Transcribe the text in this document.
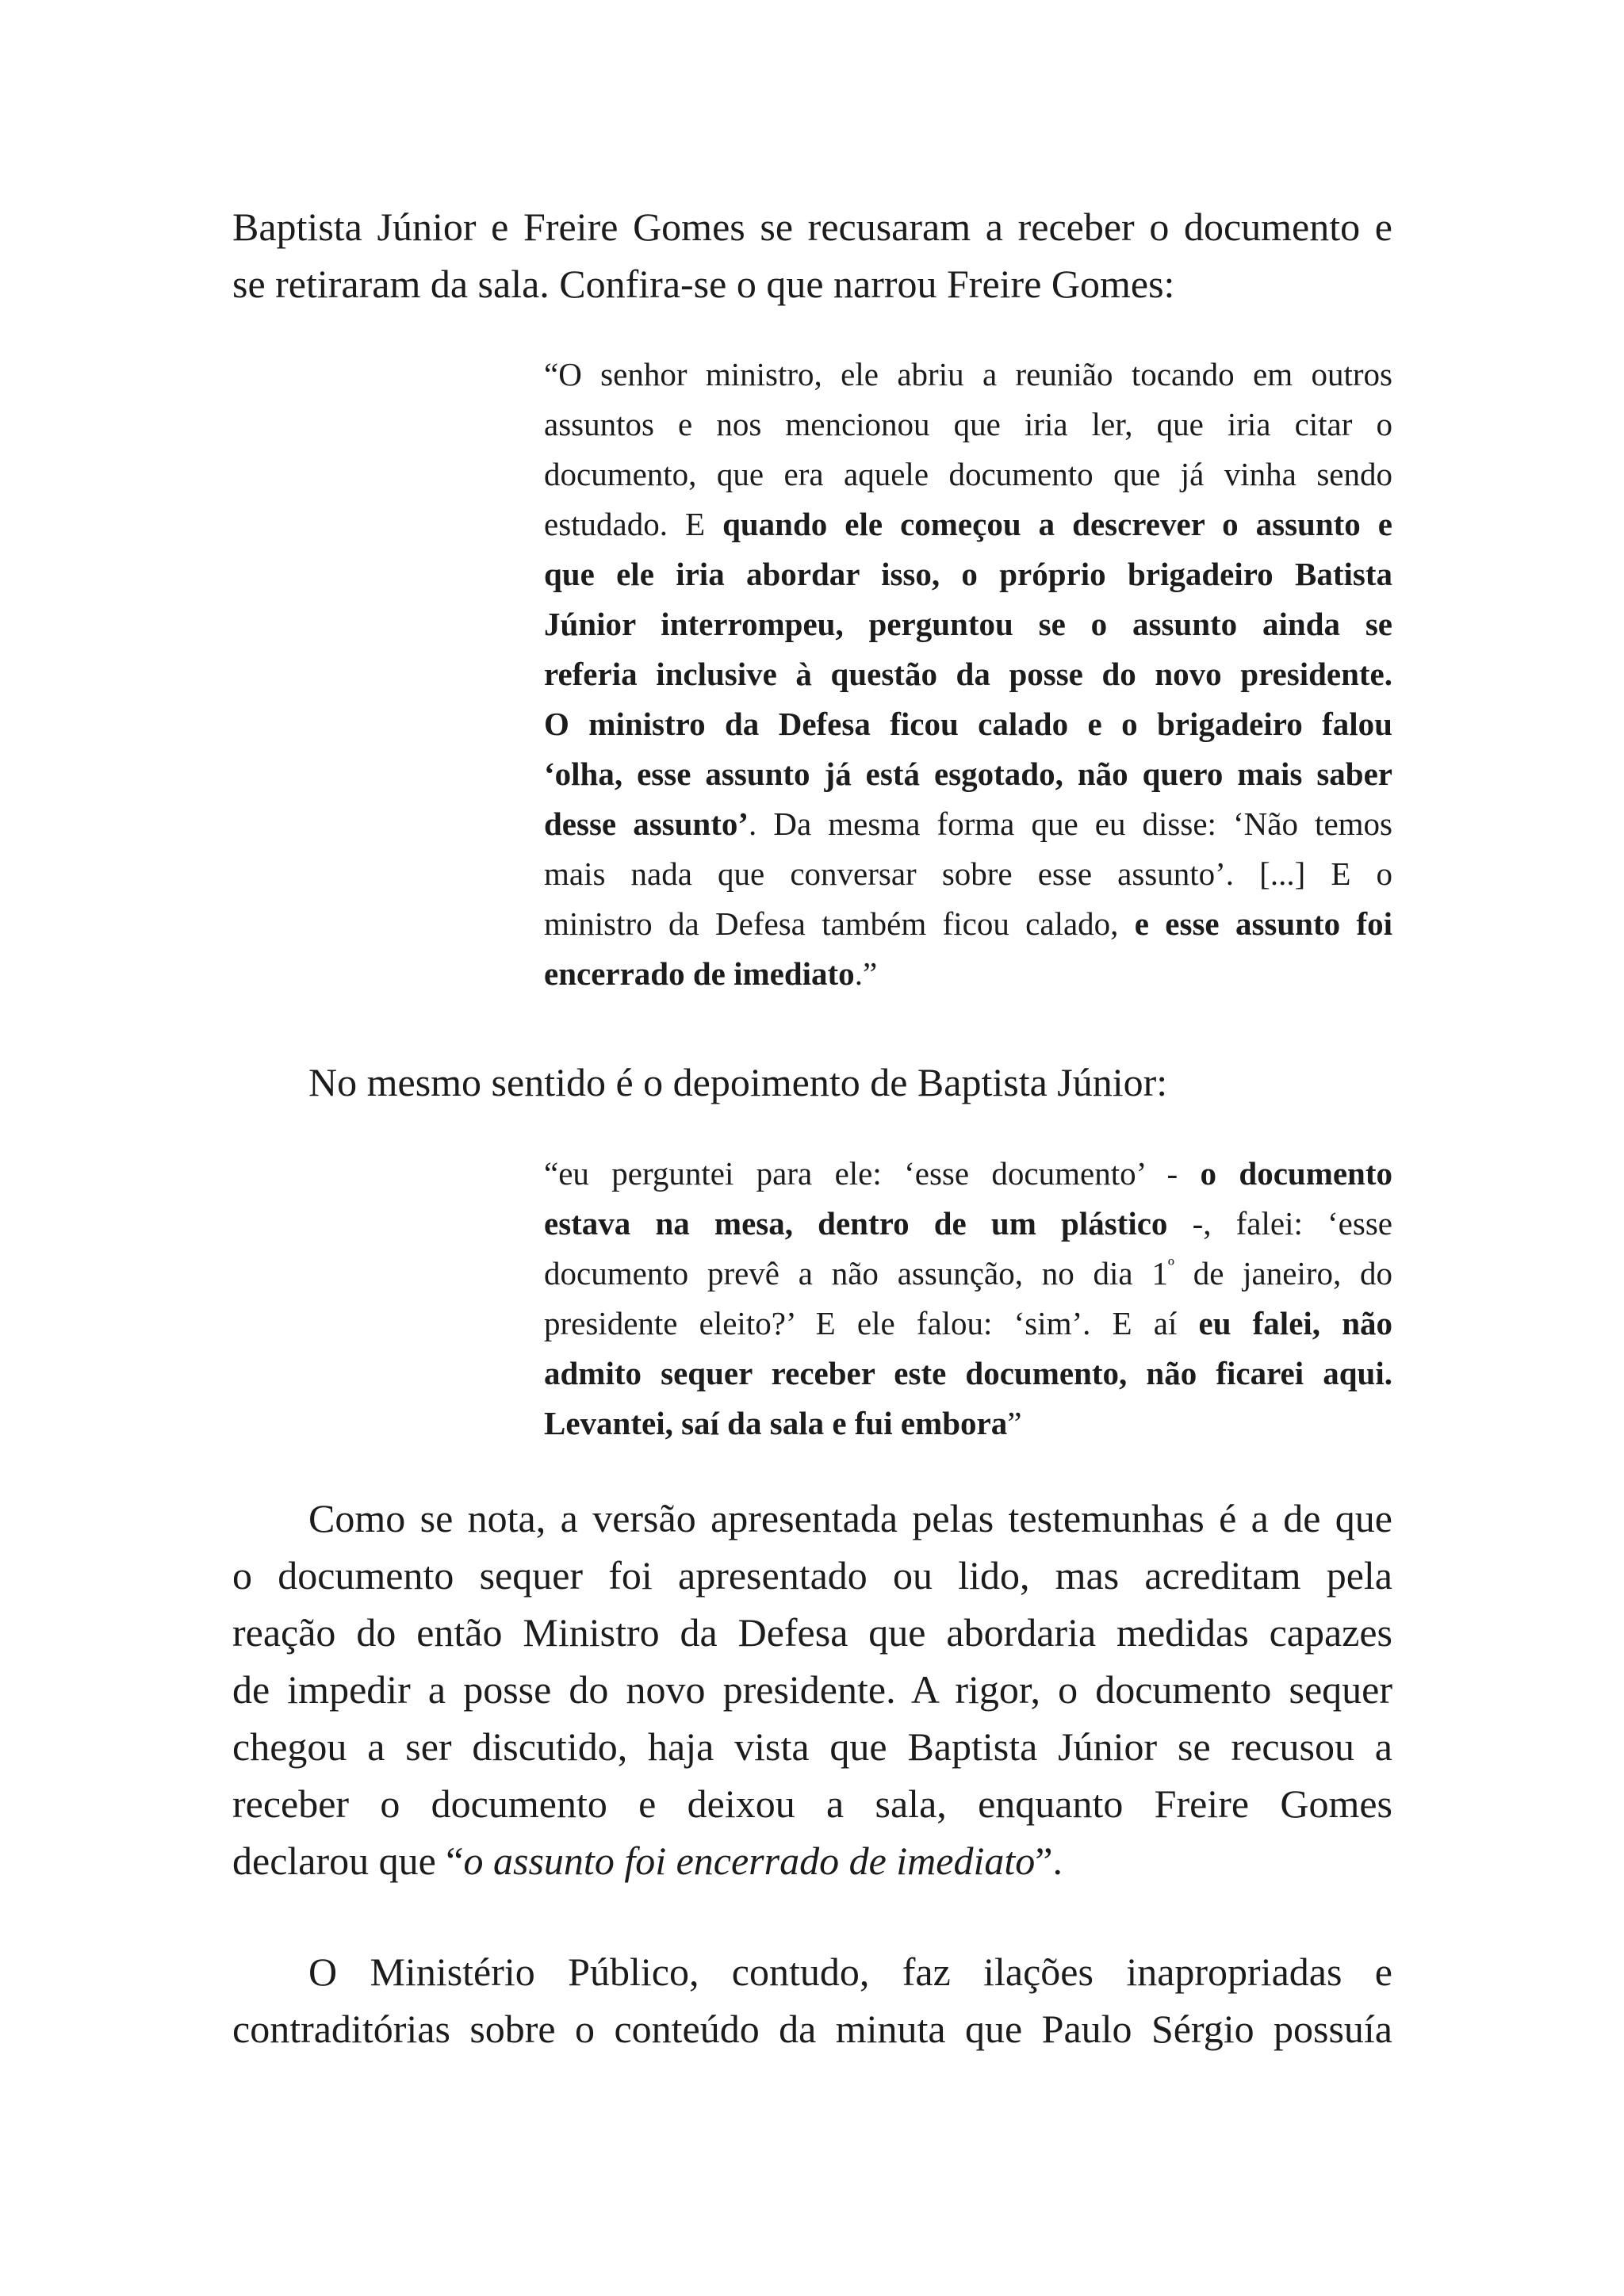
Baptista Júnior e Freire Gomes se recusaram a receber o documento e
se retiraram da sala. Confira-se o que narrou Freire Gomes:
“O senhor ministro, ele abriu a reunião tocando em outros
assuntos e nos mencionou que iria ler, que iria citar o
documento, que era aquele documento que já vinha sendo
estudado. E quando ele começou a descrever o assunto e
que ele iria abordar isso, o próprio brigadeiro Batista
Júnior interrompeu, perguntou se o assunto ainda se
referia inclusive à questão da posse do novo presidente.
O ministro da Defesa ficou calado e o brigadeiro falou
‘olha, esse assunto já está esgotado, não quero mais saber
desse assunto’. Da mesma forma que eu disse: ‘Não temos
mais nada que conversar sobre esse assunto’. [...] E o
ministro da Defesa também ficou calado, e esse assunto foi
encerrado de imediato.”
No mesmo sentido é o depoimento de Baptista Júnior:
“eu perguntei para ele: ‘esse documento’ - o documento
estava na mesa, dentro de um plástico -, falei: ‘esse
documento prevê a não assunção, no dia $1^º$ de janeiro, do
presidente eleito?’ E ele falou: ‘sim’. E aí eu falei, não
admito sequer receber este documento, não ficarei aqui.
Levantei, saí da sala e fui embora”
Como se nota, a versão apresentada pelas testemunhas é a de que
o documento sequer foi apresentado ou lido, mas acreditam pela
reação do então Ministro da Defesa que abordaria medidas capazes
de impedir a posse do novo presidente. A rigor, o documento sequer
chegou a ser discutido, haja vista que Baptista Júnior se recusou a
receber o documento e deixou a sala, enquanto Freire Gomes
declarou que “o assunto foi encerrado de imediato”.
O Ministério Público, contudo, faz ilações inapropriadas e
contraditórias sobre o conteúdo da minuta que Paulo Sérgio possuía
